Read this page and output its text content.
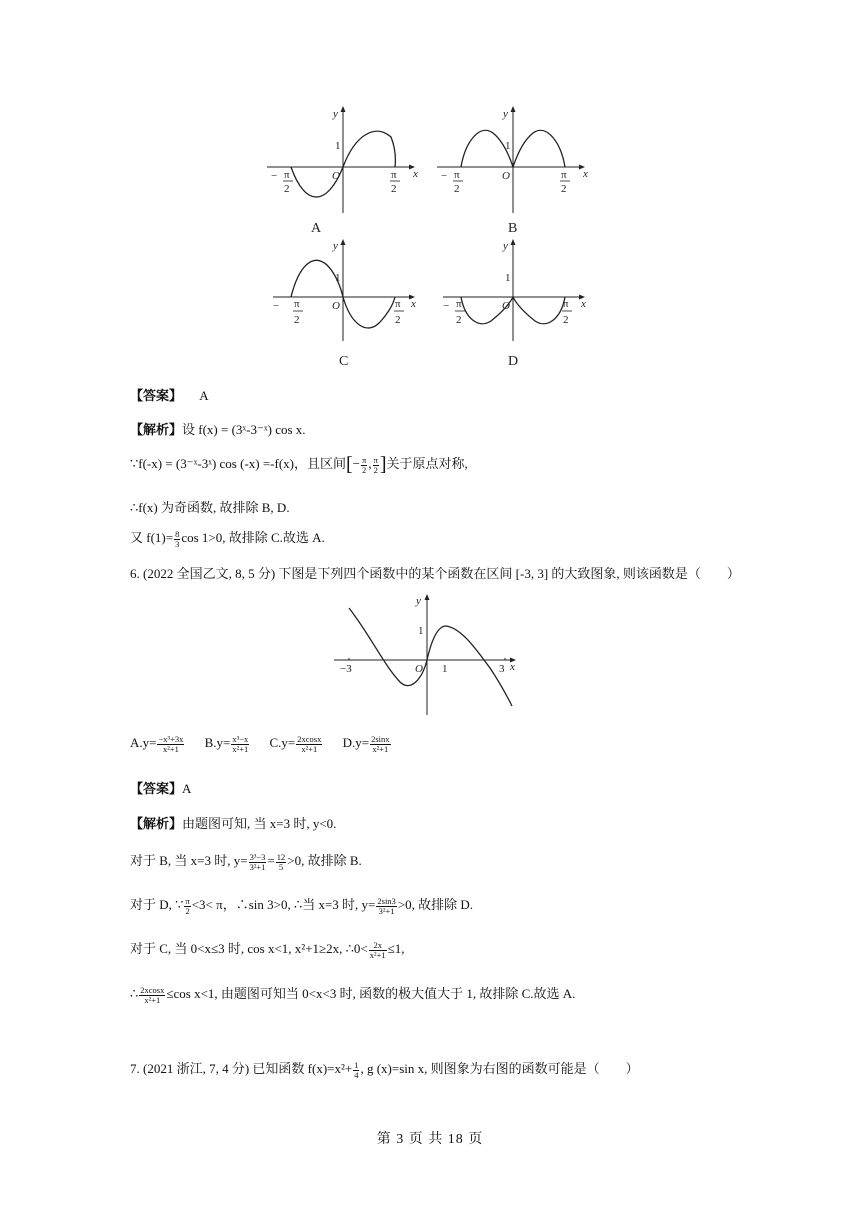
y
x
O
1
− π
2
π
2
A
y
x
O
1
− π
2
π
2
B
y
x
O
1
− π
2
π
2
C
y
x
O
1
− π
2
π
2
D
【答案】 A
【解析】设 f(x) = (3ˣ-3⁻ˣ) cos x.
∵f(-x) = (3⁻ˣ-3ˣ) cos (-x) =-f(x)，且区间[− $\frac{\pi}{2}$ , $\frac{\pi}{2}$ ]关于原点对称,
∴f(x) 为奇函数, 故排除 B, D.
又 $f(1)= \frac{8}{3}$ cos 1>0, 故排除 C.故选 A.
6. (2022 全国乙文, 8, 5 分) 下图是下列四个函数中的某个函数在区间 [-3, 3] 的大致图象, 则该函数是（　　）
y
x
O
1
1	3
−3
$A.y= \frac{\text{−x³+3x}}{\text{x²+1}} B.y= \frac{\text{x³−x}}{\text{x²+1}} C.y= \frac{2xcosx}{\text{x²+1}} D.y= \frac{2\sin x}{\text{x²+1}}$
【答案】A
【解析】由题图可知, 当 x=3 时, y<0.
对于 B, 当 x=3 时, $y= \frac{\text{3³−3}}{\text{3²+1}} = \frac{12}{5} >0$, 故排除 B.
对于 D, ∵ $\frac{\pi}{2} <3< \pi$，∴sin 3>0, ∴当 x=3 时, $y= \frac{2\sin 3}{\text{3²+1}} >0$, 故排除 D.
对于 C, 当 0<x≤3 时, cos x<1, x²+1≥2x, ∴0< $\frac{2x}{\text{x²+1}} \le 1$,
∴ $\frac{2xcosx}{\text{x²+1}} \le\cos$ x<1, 由题图可知当 0<x<3 时, 函数的极大值大于 1, 故排除 C.故选 A.
7. (2021 浙江, 7, 4 分) 已知函数 $f(x)=x^2+ \frac{1}{4}$ , g (x)=sin x, 则图象为右图的函数可能是（　　）
第 3 页 共 18 页
